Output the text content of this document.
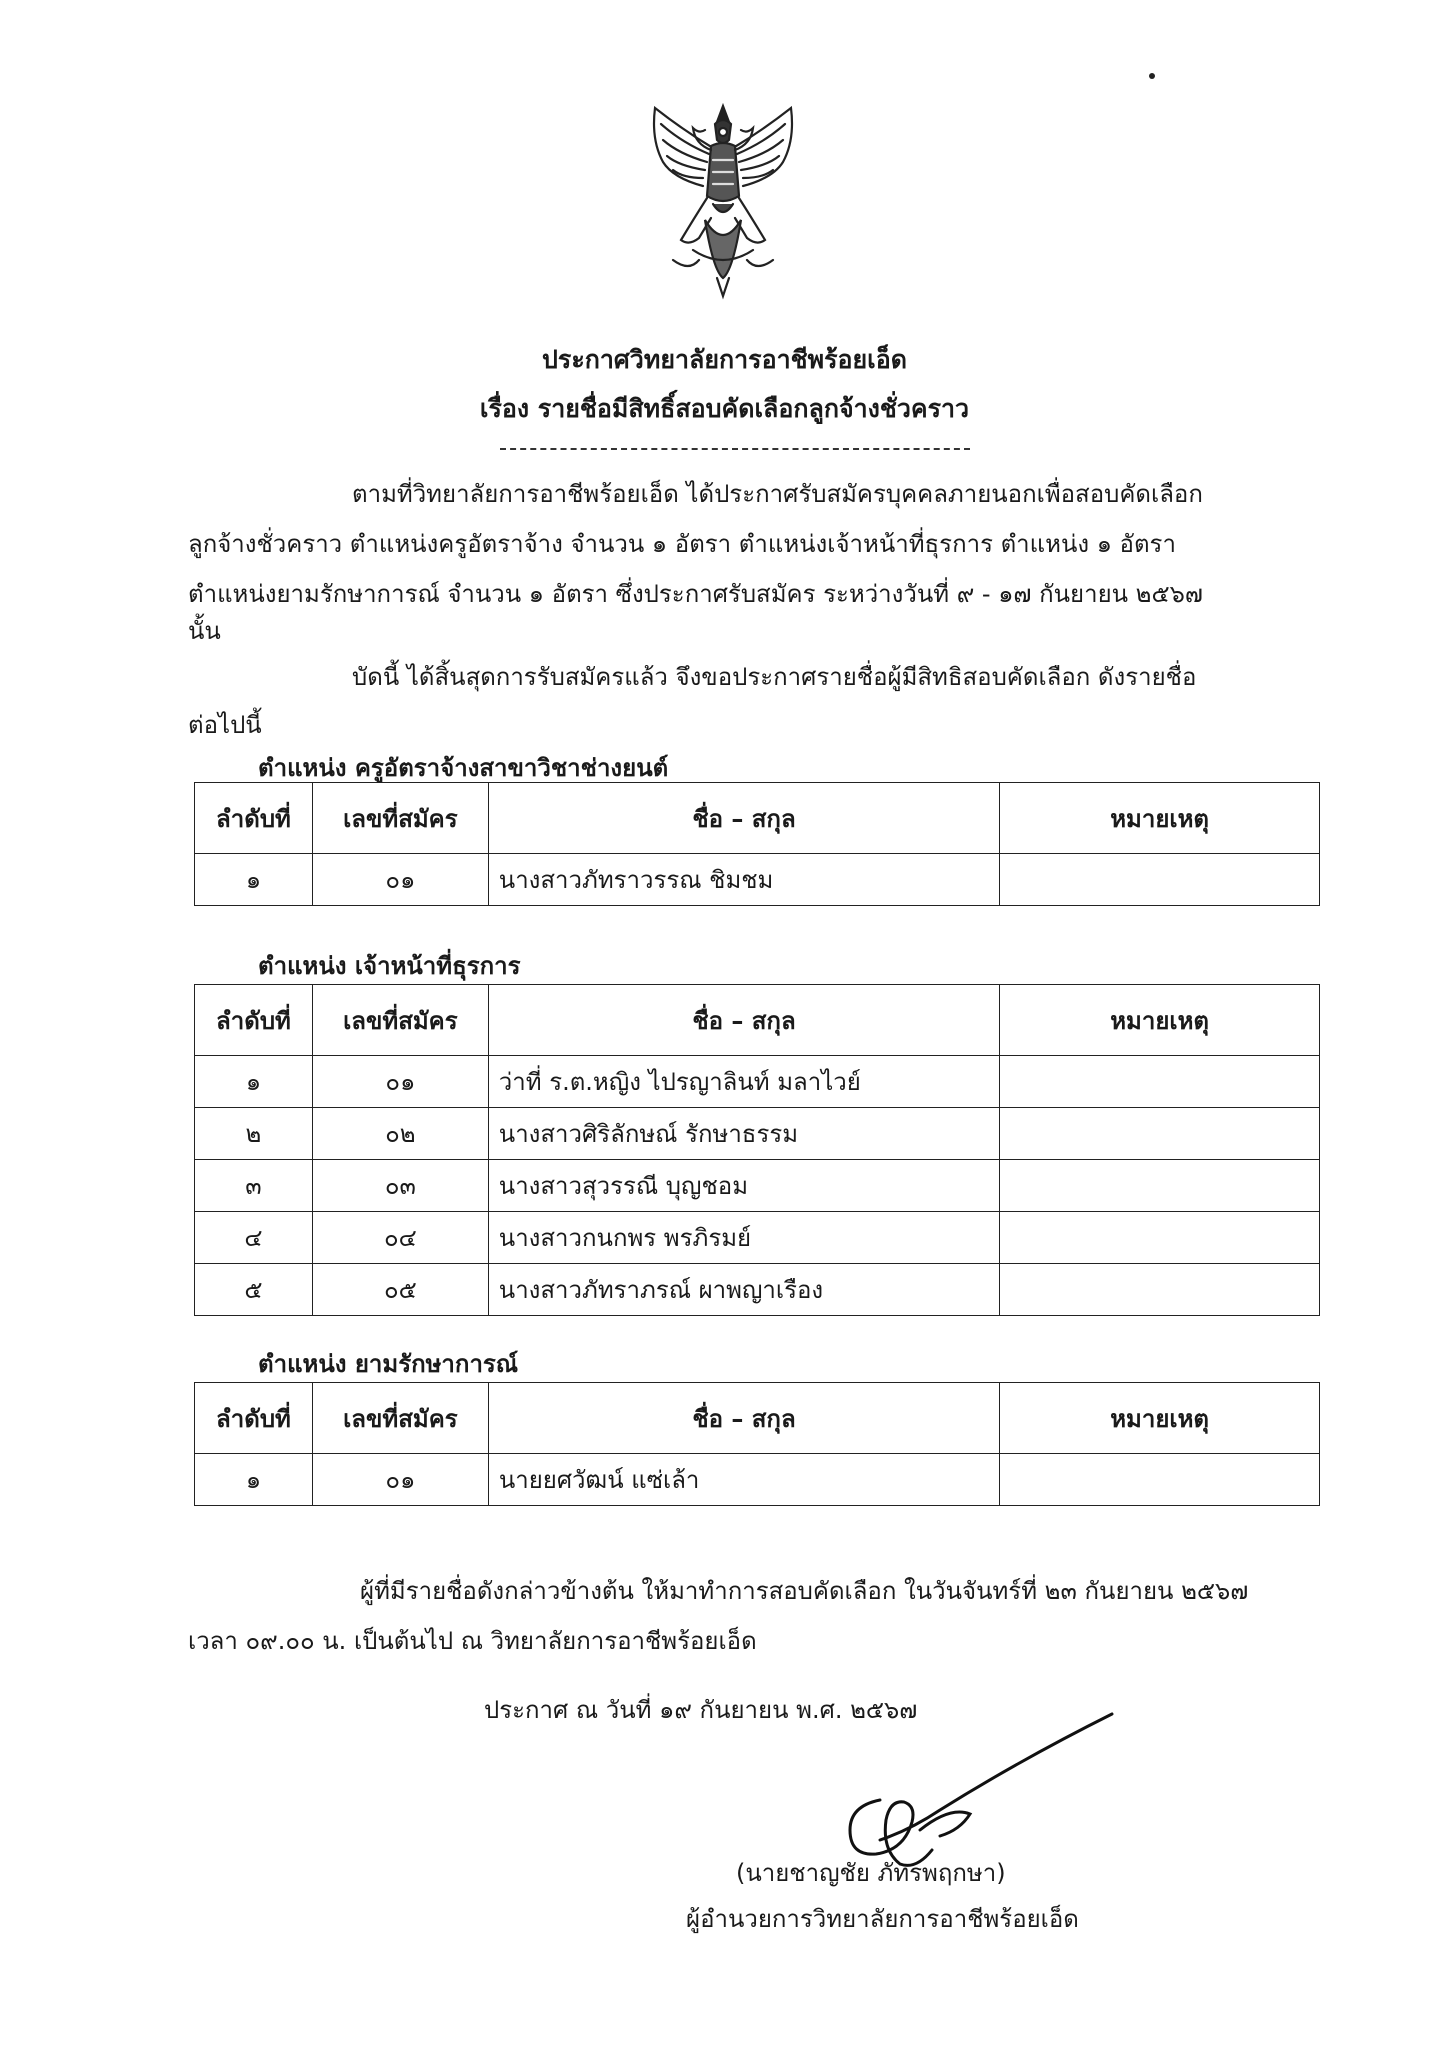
ประกาศวิทยาลัยการอาชีพร้อยเอ็ด
เรื่อง รายชื่อมีสิทธิ์สอบคัดเลือกลูกจ้างชั่วคราว
ตามที่วิทยาลัยการอาชีพร้อยเอ็ด ได้ประกาศรับสมัครบุคคลภายนอกเพื่อสอบคัดเลือก
ลูกจ้างชั่วคราว ตำแหน่งครูอัตราจ้าง จำนวน ๑ อัตรา ตำแหน่งเจ้าหน้าที่ธุรการ ตำแหน่ง ๑ อัตรา
ตำแหน่งยามรักษาการณ์ จำนวน ๑ อัตรา ซึ่งประกาศรับสมัคร ระหว่างวันที่ ๙ - ๑๗ กันยายน ๒๕๖๗
นั้น
บัดนี้ ได้สิ้นสุดการรับสมัครแล้ว จึงขอประกาศรายชื่อผู้มีสิทธิสอบคัดเลือก ดังรายชื่อ
ต่อไปนี้
ตำแหน่ง ครูอัตราจ้างสาขาวิชาช่างยนต์
ลำดับที่	เลขที่สมัคร	ชื่อ – สกุล	หมายเหตุ
๑	๐๑	นางสาวภัทราวรรณ ชิมชม	
ตำแหน่ง เจ้าหน้าที่ธุรการ
ลำดับที่	เลขที่สมัคร	ชื่อ – สกุล	หมายเหตุ
๑	๐๑	ว่าที่ ร.ต.หญิง ไปรญาลินท์ มลาไวย์	
๒	๐๒	นางสาวศิริลักษณ์ รักษาธรรม	
๓	๐๓	นางสาวสุวรรณี บุญชอม	
๔	๐๔	นางสาวกนกพร พรภิรมย์	
๕	๐๕	นางสาวภัทราภรณ์ ผาพญาเรือง	
ตำแหน่ง ยามรักษาการณ์
ลำดับที่	เลขที่สมัคร	ชื่อ – สกุล	หมายเหตุ
๑	๐๑	นายยศวัฒน์ แซ่เล้า	
ผู้ที่มีรายชื่อดังกล่าวข้างต้น ให้มาทำการสอบคัดเลือก ในวันจันทร์ที่ ๒๓ กันยายน ๒๕๖๗
เวลา ๐๙.๐๐ น. เป็นต้นไป ณ วิทยาลัยการอาชีพร้อยเอ็ด
ประกาศ ณ วันที่ ๑๙ กันยายน พ.ศ. ๒๕๖๗
(นายชาญชัย ภัทรพฤกษา)
ผู้อำนวยการวิทยาลัยการอาชีพร้อยเอ็ด
